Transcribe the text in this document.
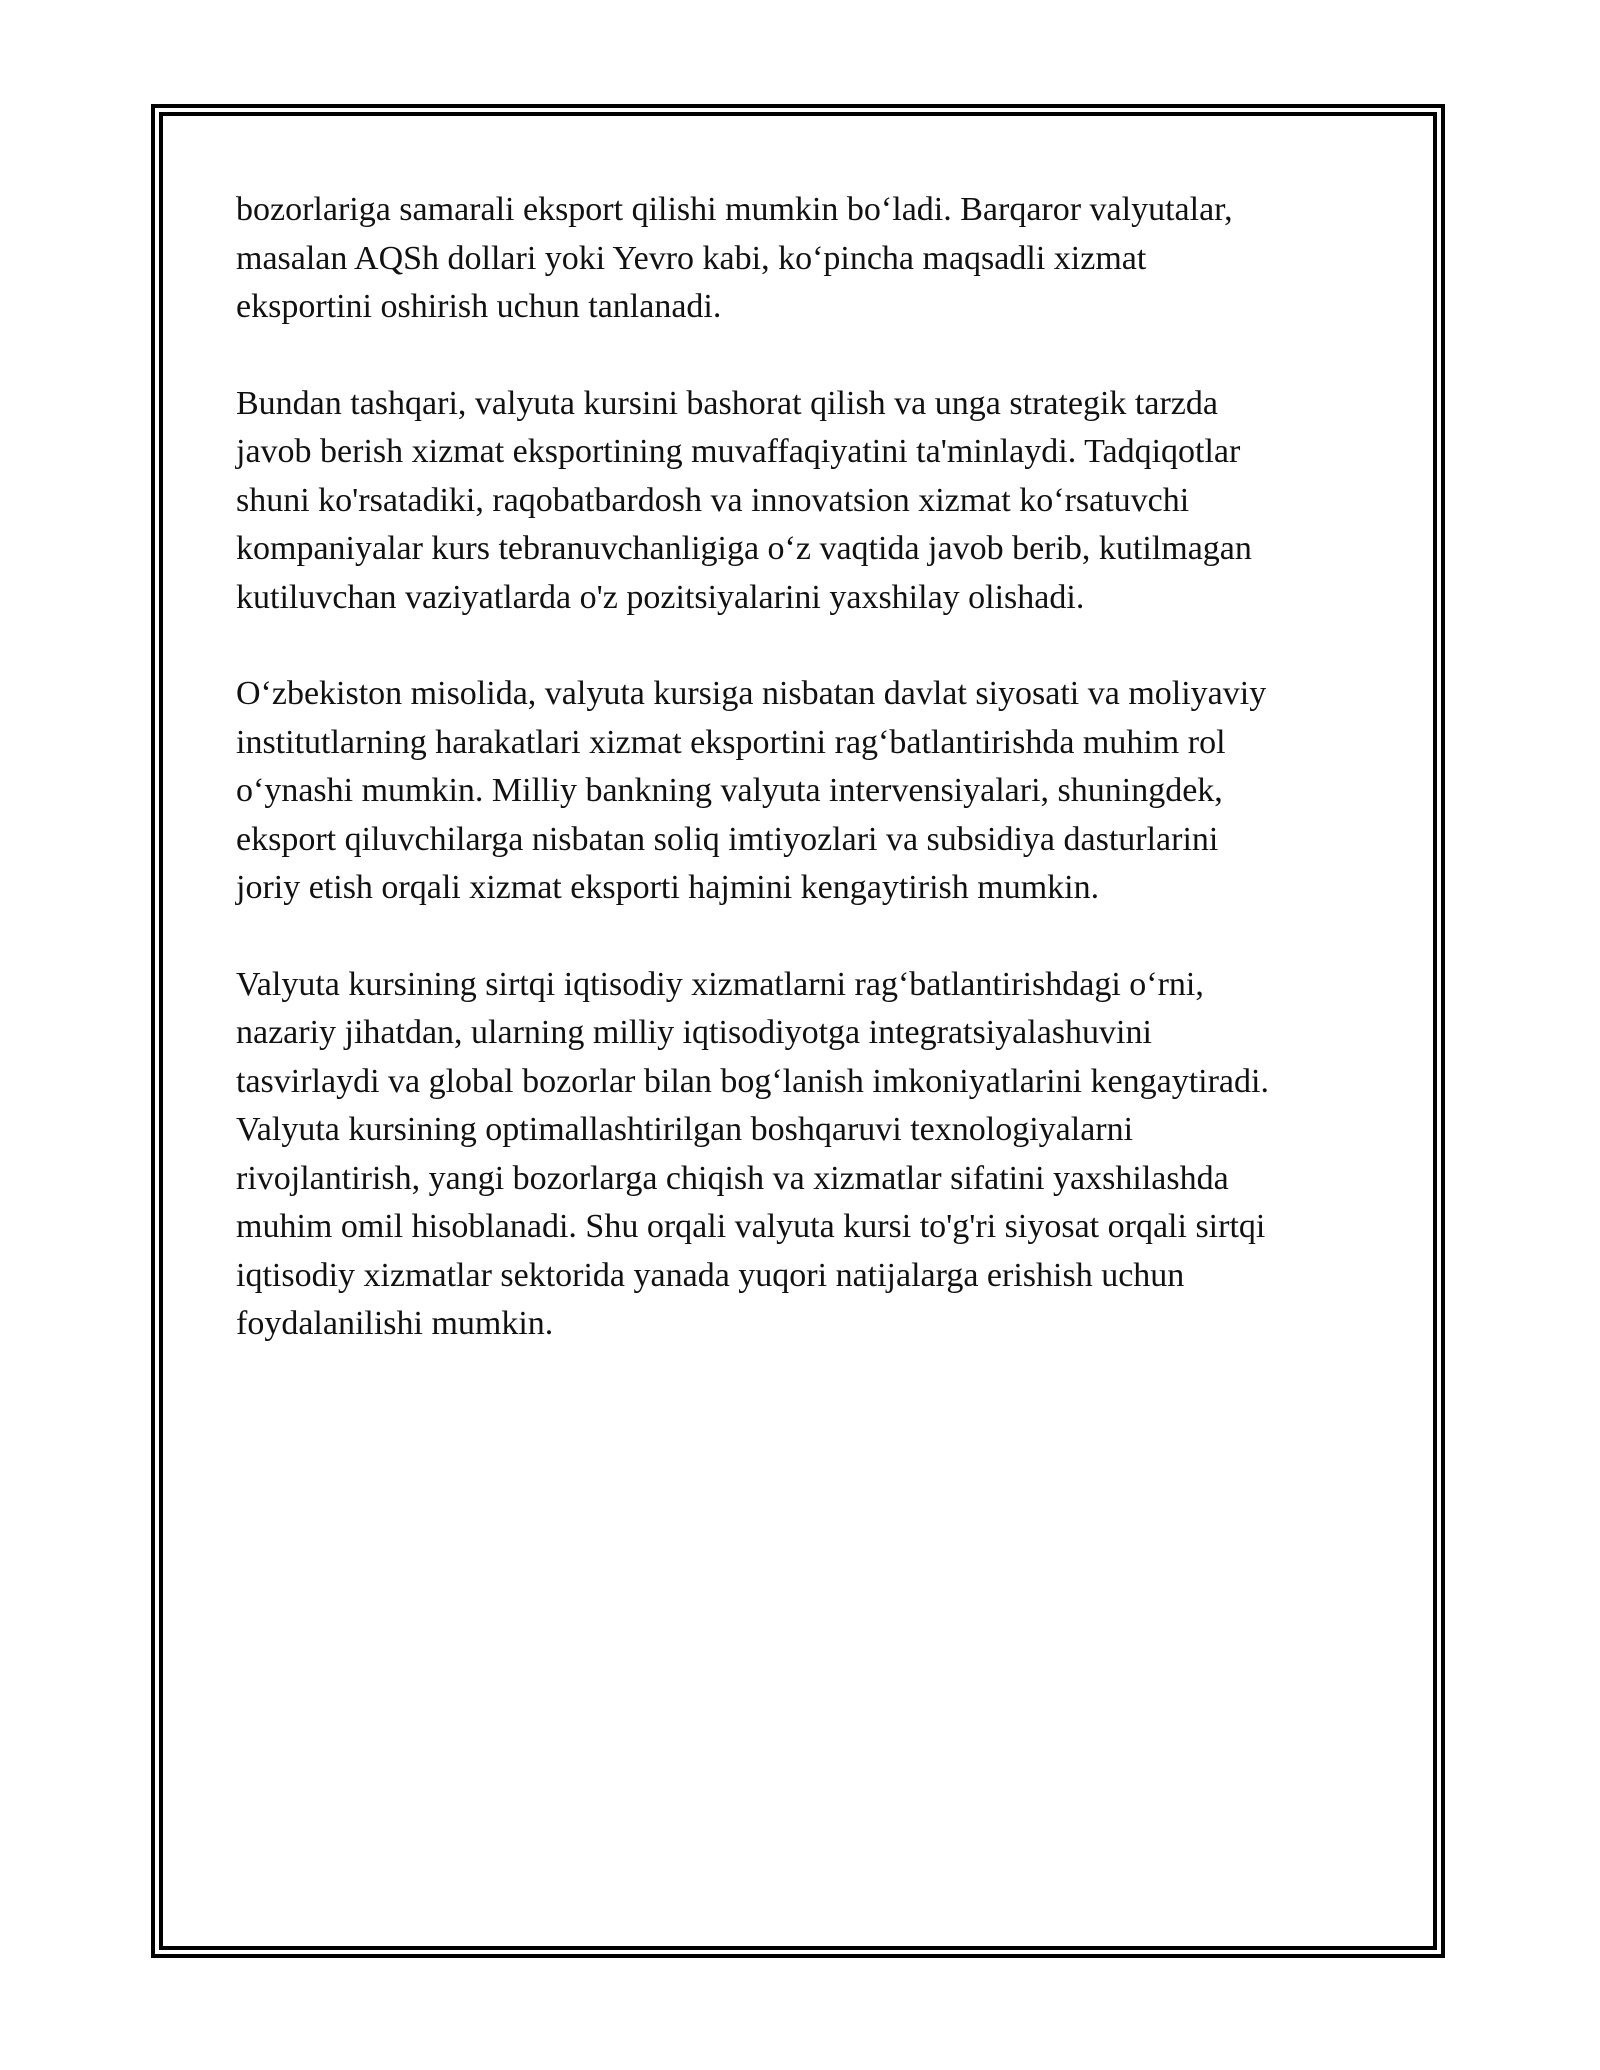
bozorlariga samarali eksport qilishi mumkin bo‘ladi. Barqaror valyutalar,
masalan AQSh dollari yoki Yevro kabi, ko‘pincha maqsadli xizmat
eksportini oshirish uchun tanlanadi.

Bundan tashqari, valyuta kursini bashorat qilish va unga strategik tarzda
javob berish xizmat eksportining muvaffaqiyatini ta'minlaydi. Tadqiqotlar
shuni ko'rsatadiki, raqobatbardosh va innovatsion xizmat ko‘rsatuvchi
kompaniyalar kurs tebranuvchanligiga o‘z vaqtida javob berib, kutilmagan
kutiluvchan vaziyatlarda o'z pozitsiyalarini yaxshilay olishadi.

O‘zbekiston misolida, valyuta kursiga nisbatan davlat siyosati va moliyaviy
institutlarning harakatlari xizmat eksportini rag‘batlantirishda muhim rol
o‘ynashi mumkin. Milliy bankning valyuta intervensiyalari, shuningdek,
eksport qiluvchilarga nisbatan soliq imtiyozlari va subsidiya dasturlarini
joriy etish orqali xizmat eksporti hajmini kengaytirish mumkin.

Valyuta kursining sirtqi iqtisodiy xizmatlarni rag‘batlantirishdagi o‘rni,
nazariy jihatdan, ularning milliy iqtisodiyotga integratsiyalashuvini
tasvirlaydi va global bozorlar bilan bog‘lanish imkoniyatlarini kengaytiradi.
Valyuta kursining optimallashtirilgan boshqaruvi texnologiyalarni
rivojlantirish, yangi bozorlarga chiqish va xizmatlar sifatini yaxshilashda
muhim omil hisoblanadi. Shu orqali valyuta kursi to'g'ri siyosat orqali sirtqi
iqtisodiy xizmatlar sektorida yanada yuqori natijalarga erishish uchun
foydalanilishi mumkin.
